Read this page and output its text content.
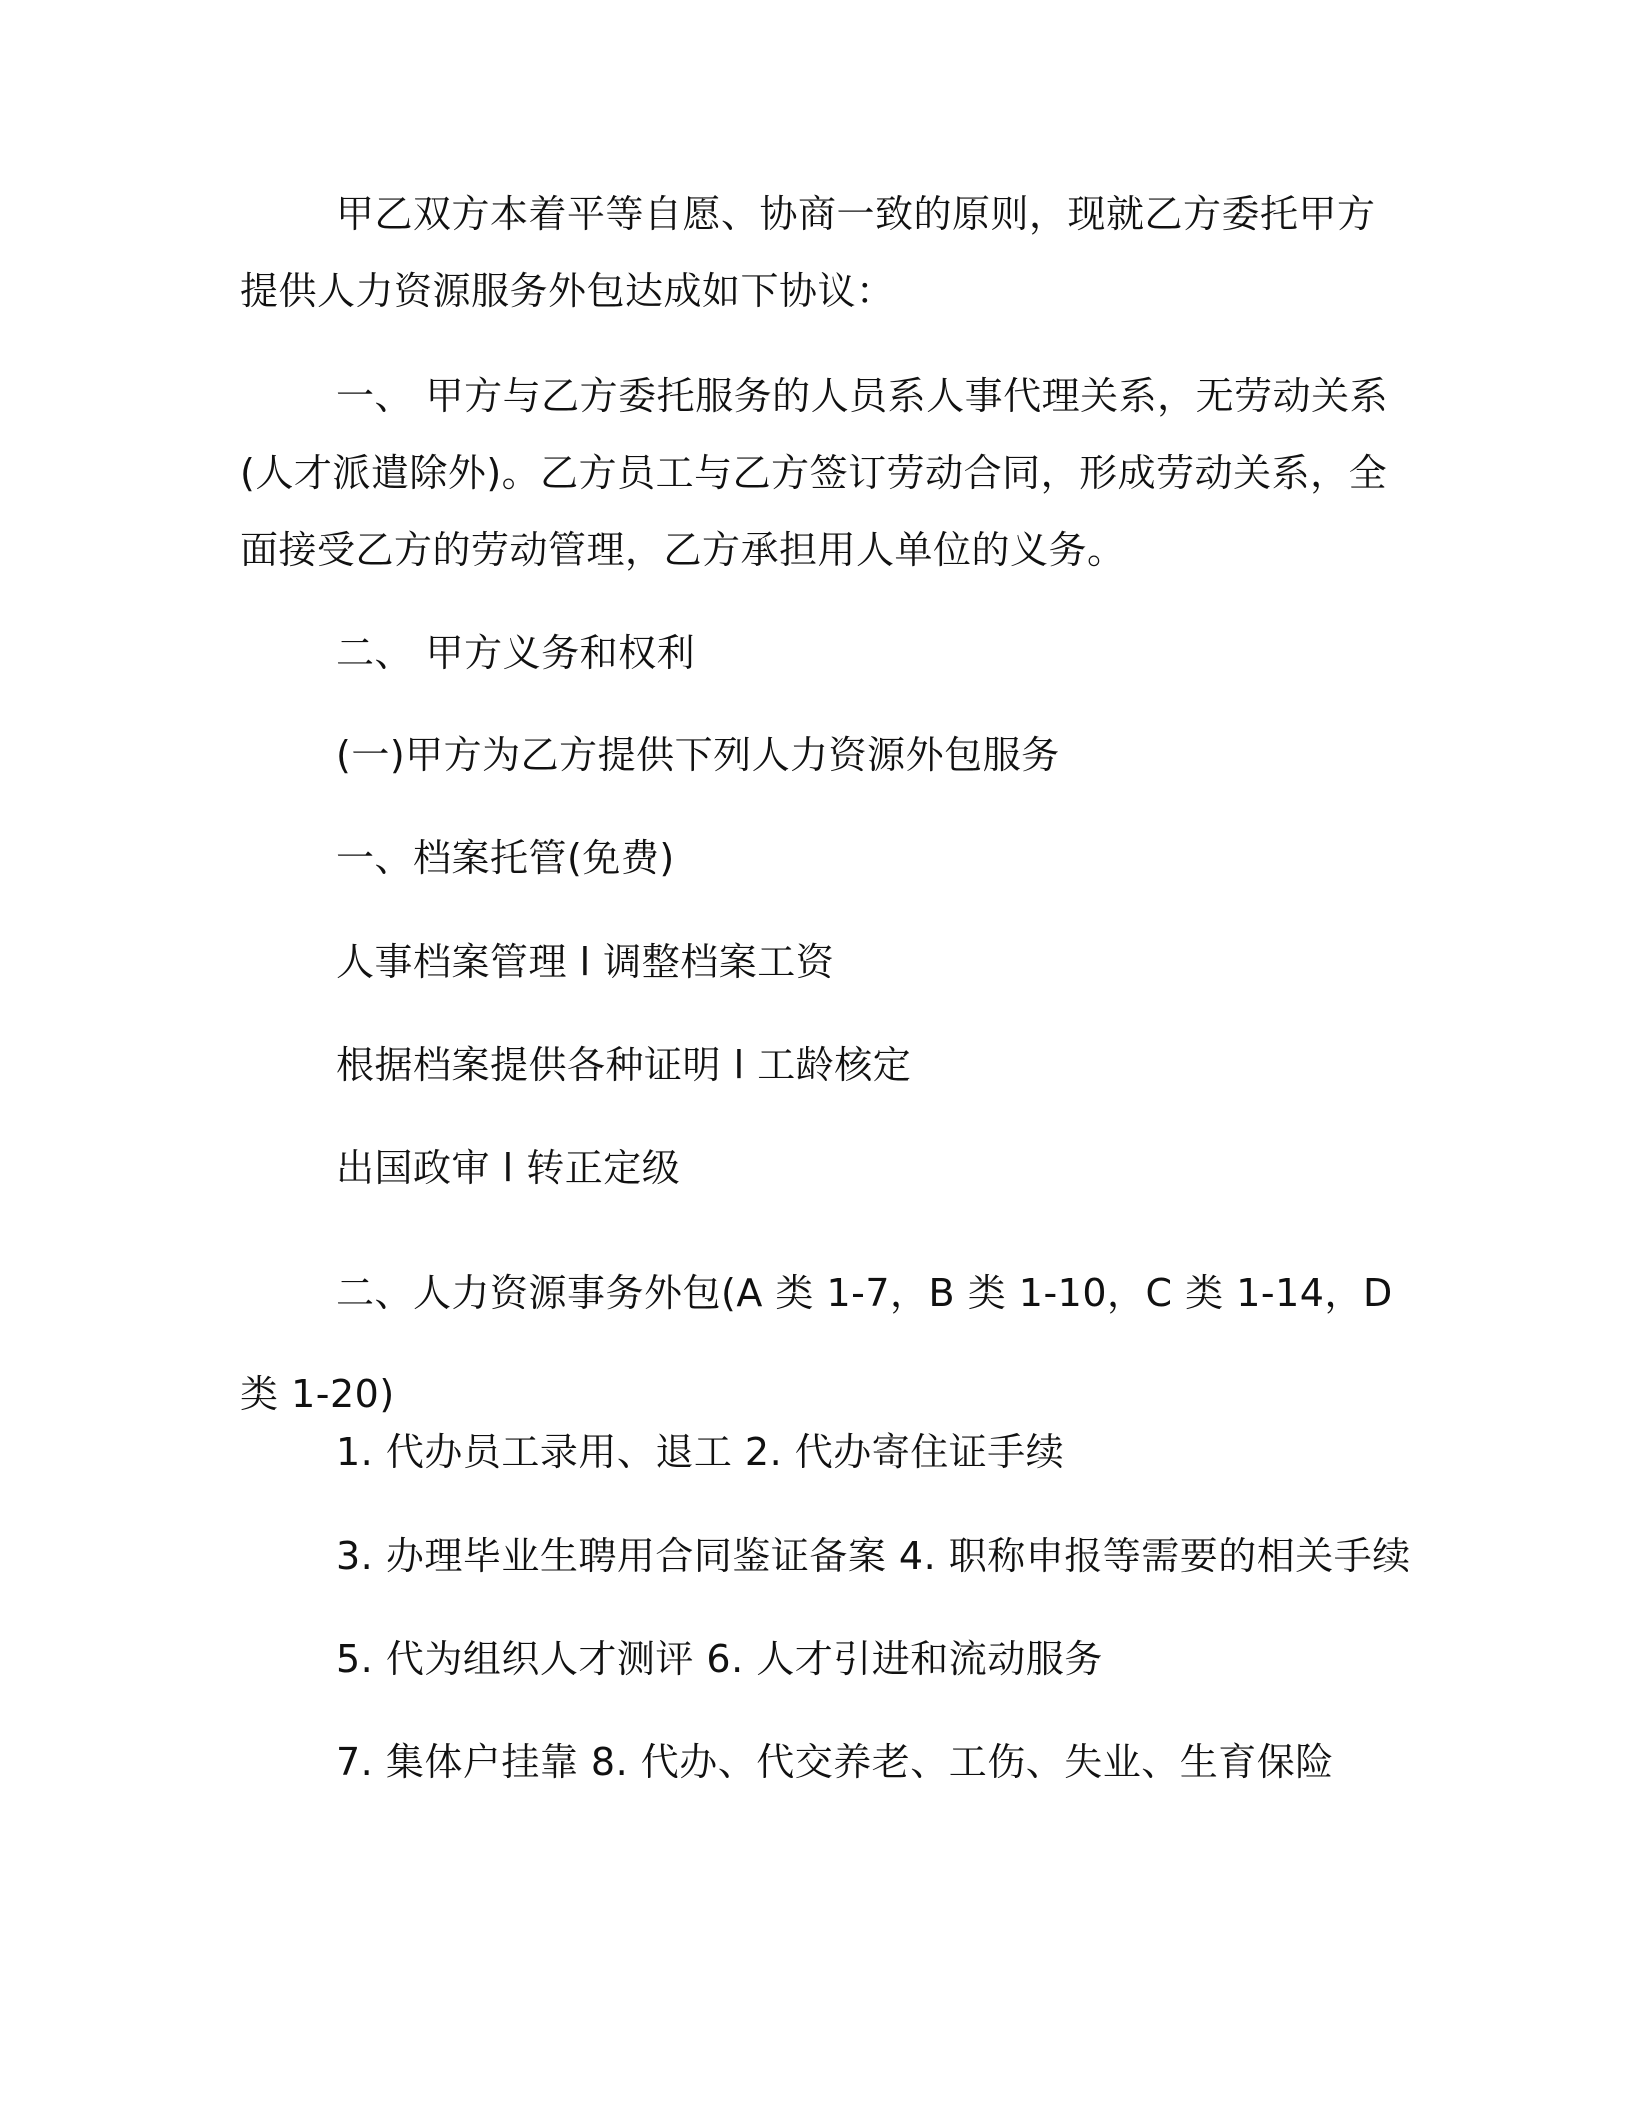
甲乙双方本着平等自愿、协商一致的原则，现就乙方委托甲方提供人力资源服务外包达成如下协议：

一、 甲方与乙方委托服务的人员系人事代理关系，无劳动关系(人才派遣除外)。乙方员工与乙方签订劳动合同，形成劳动关系，全面接受乙方的劳动管理，乙方承担用人单位的义务。

二、 甲方义务和权利

(一)甲方为乙方提供下列人力资源外包服务

一、档案托管(免费)

人事档案管理 l 调整档案工资

根据档案提供各种证明 l 工龄核定

出国政审 l 转正定级

二、人力资源事务外包(A 类 1-7，B 类 1-10，C 类 1-14，D 类 1-20)

1. 代办员工录用、退工 2. 代办寄住证手续

3. 办理毕业生聘用合同鉴证备案 4. 职称申报等需要的相关手续

5. 代为组织人才测评 6. 人才引进和流动服务

7. 集体户挂靠 8. 代办、代交养老、工伤、失业、生育保险
